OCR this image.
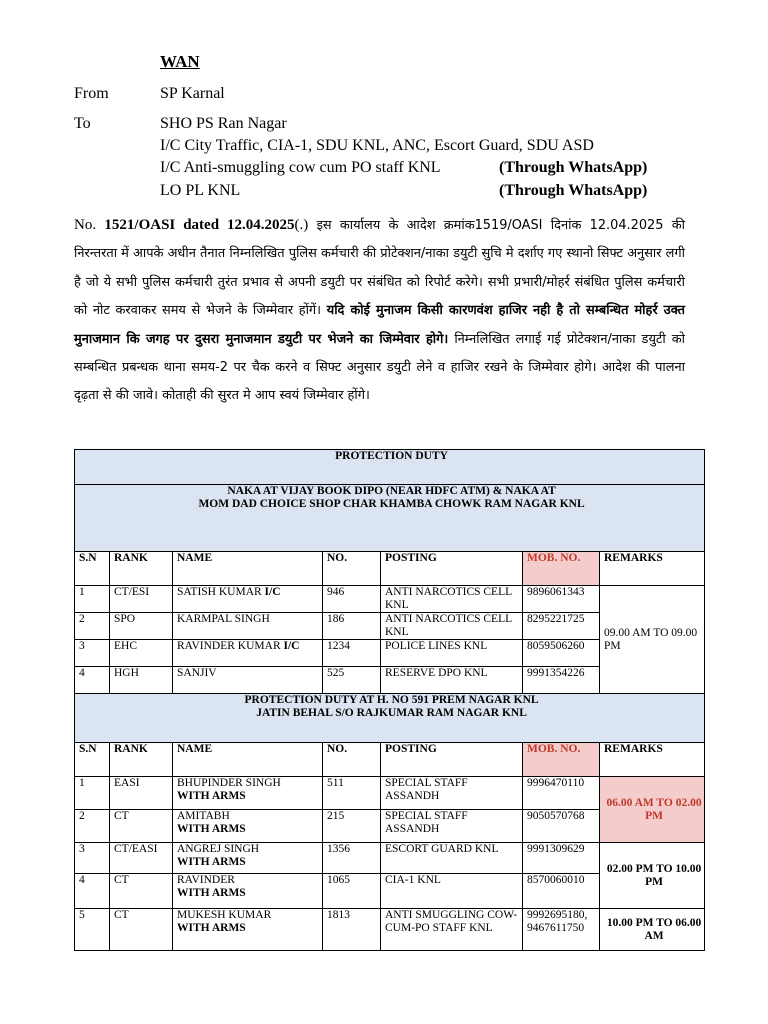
WAN
From	SP Karnal
To	SHO PS Ran Nagar
I/C City Traffic, CIA-1, SDU KNL, ANC, Escort Guard, SDU ASD
I/C Anti-smuggling cow cum PO staff KNL	(Through WhatsApp)
LO PL KNL	(Through WhatsApp)
No. 1521/OASI dated 12.04.2025(.) इस कार्यालय के आदेश क्रमांक1519/OASI दिनांक 12.04.2025 की निरन्तरता में आपके अधीन तैनात निम्नलिखित पुलिस कर्मचारी की प्रोटेक्शन/नाका डयुटी सुचि मे दर्शाए गए स्थानो सिफ्ट अनुसार लगी है जो ये सभी पुलिस कर्मचारी तुरंत प्रभाव से अपनी डयुटी पर संबंधित को रिपोर्ट करेगे। सभी प्रभारी/मोहर्र संबंधित पुलिस कर्मचारी को नोट करवाकर समय से भेजने के जिम्मेवार होंगें। यदि कोई मुनाजम किसी कारणवंश हाजिर नही है तो सम्बन्धित मोहर्र उक्त मुनाजमान कि जगह पर दुसरा मुनाजमान डयुटी पर भेजने का जिम्मेवार होगे। निम्नलिखित लगाई गई प्रोटेक्शन/नाका डयुटी को सम्बन्धित प्रबन्धक थाना समय-2 पर चैक करने व सिफ्ट अनुसार डयुटी लेने व हाजिर रखने के जिम्मेवार होगे। आदेश की पालना दृढ़ता से की जावे। कोताही की सुरत मे आप स्वयं जिम्मेवार होंगे।
PROTECTION DUTY						
NAKA AT VIJAY BOOK DIPO (NEAR HDFC ATM) & NAKA AT
MOM DAD CHOICE SHOP CHAR KHAMBA CHOWK RAM NAGAR KNL						
S.N	RANK	NAME	NO.	POSTING	MOB. NO.	REMARKS
1	CT/ESI	SATISH KUMAR I/C	946	ANTI NARCOTICS CELL KNL	9896061343	09.00 AM TO 09.00 PM
2	SPO	KARMPAL SINGH	186	ANTI NARCOTICS CELL KNL	8295221725	
3	EHC	RAVINDER KUMAR I/C	1234	POLICE LINES KNL	8059506260	
4	HGH	SANJIV	525	RESERVE DPO KNL	9991354226	
PROTECTION DUTY AT H. NO 591 PREM NAGAR KNL
JATIN BEHAL S/O RAJKUMAR RAM NAGAR KNL						
S.N	RANK	NAME	NO.	POSTING	MOB. NO.	REMARKS
1	EASI	BHUPINDER SINGH
WITH ARMS	511	SPECIAL STAFF ASSANDH	9996470110	06.00 AM TO 02.00 PM
2	CT	AMITABH
WITH ARMS	215	SPECIAL STAFF ASSANDH	9050570768	
3	CT/EASI	ANGREJ SINGH
WITH ARMS	1356	ESCORT GUARD KNL	9991309629	02.00 PM TO 10.00 PM
4	CT	RAVINDER
WITH ARMS	1065	CIA-1 KNL	8570060010	
5	CT	MUKESH KUMAR
WITH ARMS	1813	ANTI SMUGGLING COW-CUM-PO STAFF KNL	9992695180, 9467611750	10.00 PM TO 06.00 AM
